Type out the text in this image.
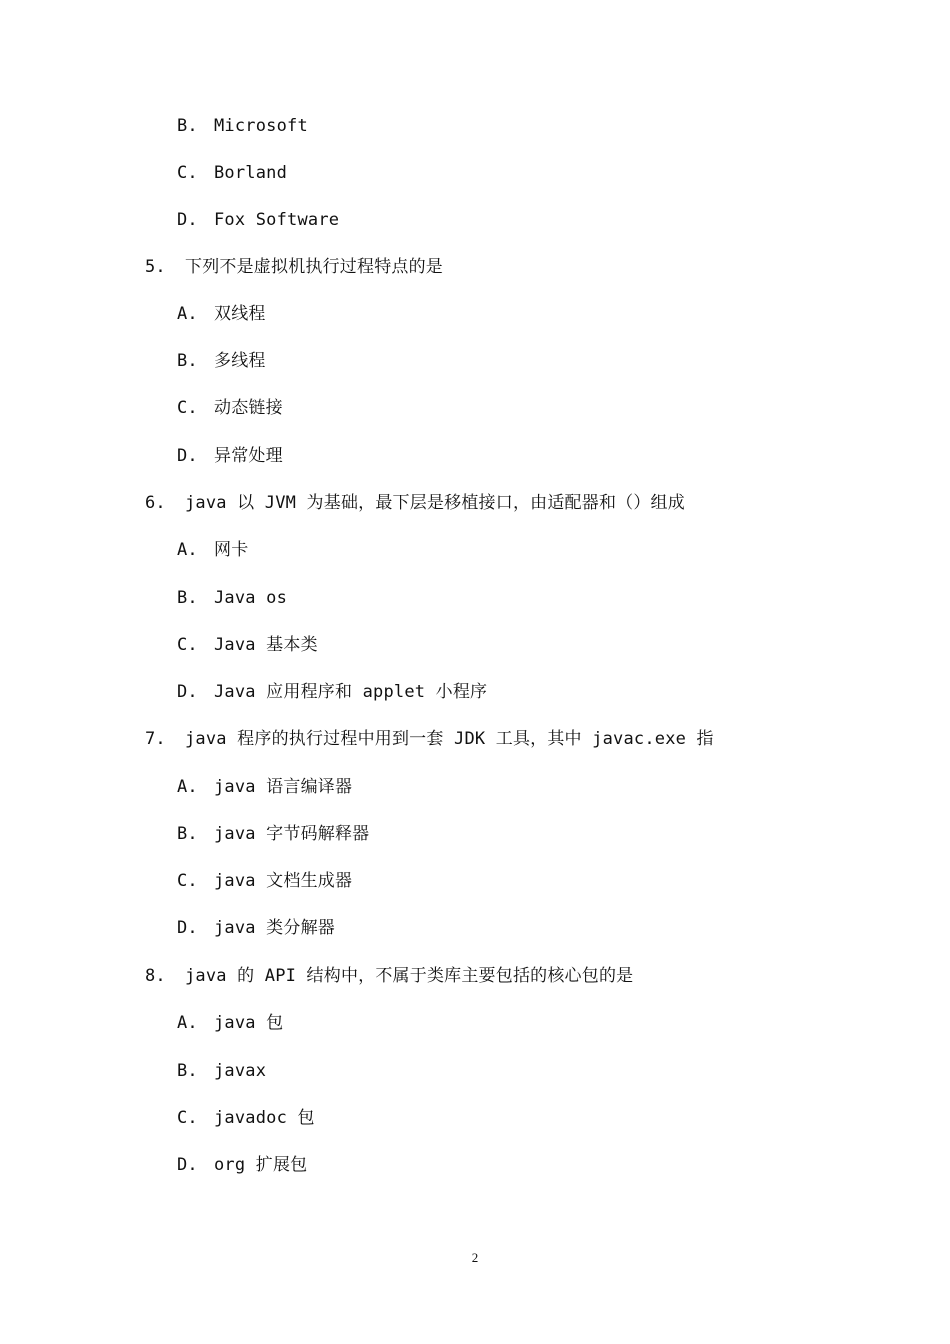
B. Microsoft
C. Borland
D. Fox Software
5. 下列不是虚拟机执行过程特点的是
A. 双线程
B. 多线程
C. 动态链接
D. 异常处理
6. java 以 JVM 为基础，最下层是移植接口，由适配器和（）组成
A. 网卡
B. Java os
C. Java 基本类
D. Java 应用程序和 applet 小程序
7. java 程序的执行过程中用到一套 JDK 工具，其中 javac.exe 指
A. java 语言编译器
B. java 字节码解释器
C. java 文档生成器
D. java 类分解器
8. java 的 API 结构中，不属于类库主要包括的核心包的是
A. java 包
B. javax
C. javadoc 包
D. org 扩展包
2
